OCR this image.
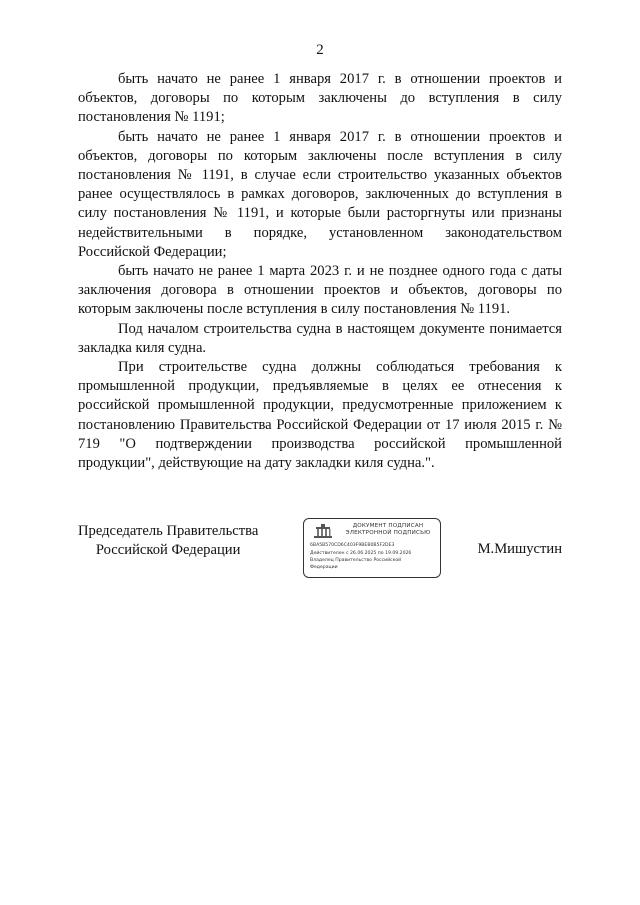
2

быть начато не ранее 1 января 2017 г. в отношении проектов и объектов, договоры по которым заключены до вступления в силу постановления № 1191;

быть начато не ранее 1 января 2017 г. в отношении проектов и объектов, договоры по которым заключены после вступления в силу постановления № 1191, в случае если строительство указанных объектов ранее осуществлялось в рамках договоров, заключенных до вступления в силу постановления № 1191, и которые были расторгнуты или признаны недействительными в порядке, установленном законодательством Российской Федерации;

быть начато не ранее 1 марта 2023 г. и не позднее одного года с даты заключения договора в отношении проектов и объектов, договоры по которым заключены после вступления в силу постановления № 1191.

Под началом строительства судна в настоящем документе понимается закладка киля судна.

При строительстве судна должны соблюдаться требования к промышленной продукции, предъявляемые в целях ее отнесения к российской промышленной продукции, предусмотренные приложением к постановлению Правительства Российской Федерации от 17 июля 2015 г. № 719 "О подтверждении производства российской промышленной продукции", действующие на дату закладки киля судна.".

Председатель Правительства
Российской Федерации
ДОКУМЕНТ ПОДПИСАН
ЭЛЕКТРОННОЙ ПОДПИСЬЮ
6BA5B570CD6C403F9BEB0B5F2DE3
Действителен с 26.06.2025 по 19.09.2026
Владелец Правительство Российской
Федерации
М.Мишустин
